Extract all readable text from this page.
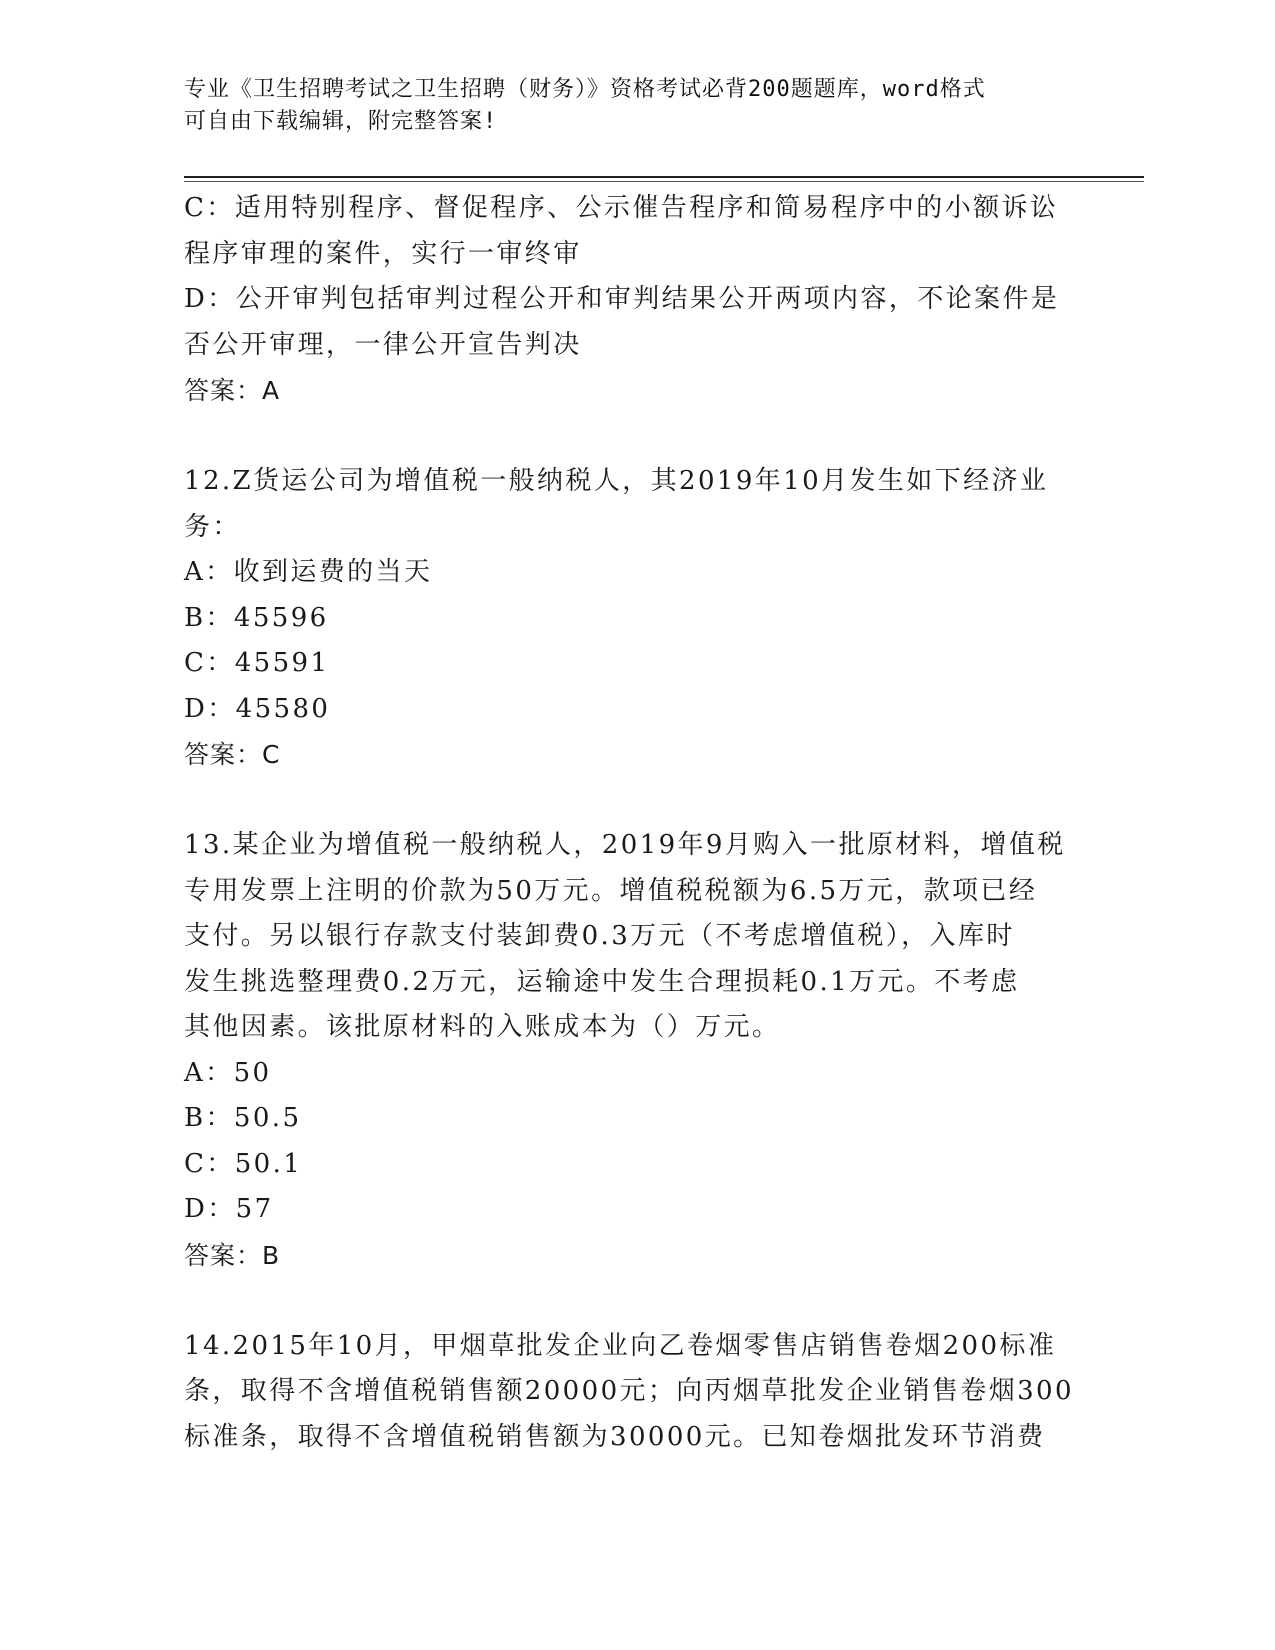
专业《卫生招聘考试之卫生招聘（财务）》资格考试必背200题题库，word格式
可自由下载编辑，附完整答案!
C：适用特别程序、督促程序、公示催告程序和简易程序中的小额诉讼
程序审理的案件，实行一审终审
D：公开审判包括审判过程公开和审判结果公开两项内容，不论案件是
否公开审理，一律公开宣告判决
答案：A
12.Z货运公司为增值税一般纳税人，其2019年10月发生如下经济业
务：
A：收到运费的当天
B：45596
C：45591
D：45580
答案：C
13.某企业为增值税一般纳税人，2019年9月购入一批原材料，增值税
专用发票上注明的价款为50万元。增值税税额为6.5万元，款项已经
支付。另以银行存款支付装卸费0.3万元（不考虑增值税），入库时
发生挑选整理费0.2万元，运输途中发生合理损耗0.1万元。不考虑
其他因素。该批原材料的入账成本为（）万元。
A：50
B：50.5
C：50.1
D：57
答案：B
14.2015年10月，甲烟草批发企业向乙卷烟零售店销售卷烟200标准
条，取得不含增值税销售额20000元；向丙烟草批发企业销售卷烟300
标准条，取得不含增值税销售额为30000元。已知卷烟批发环节消费
